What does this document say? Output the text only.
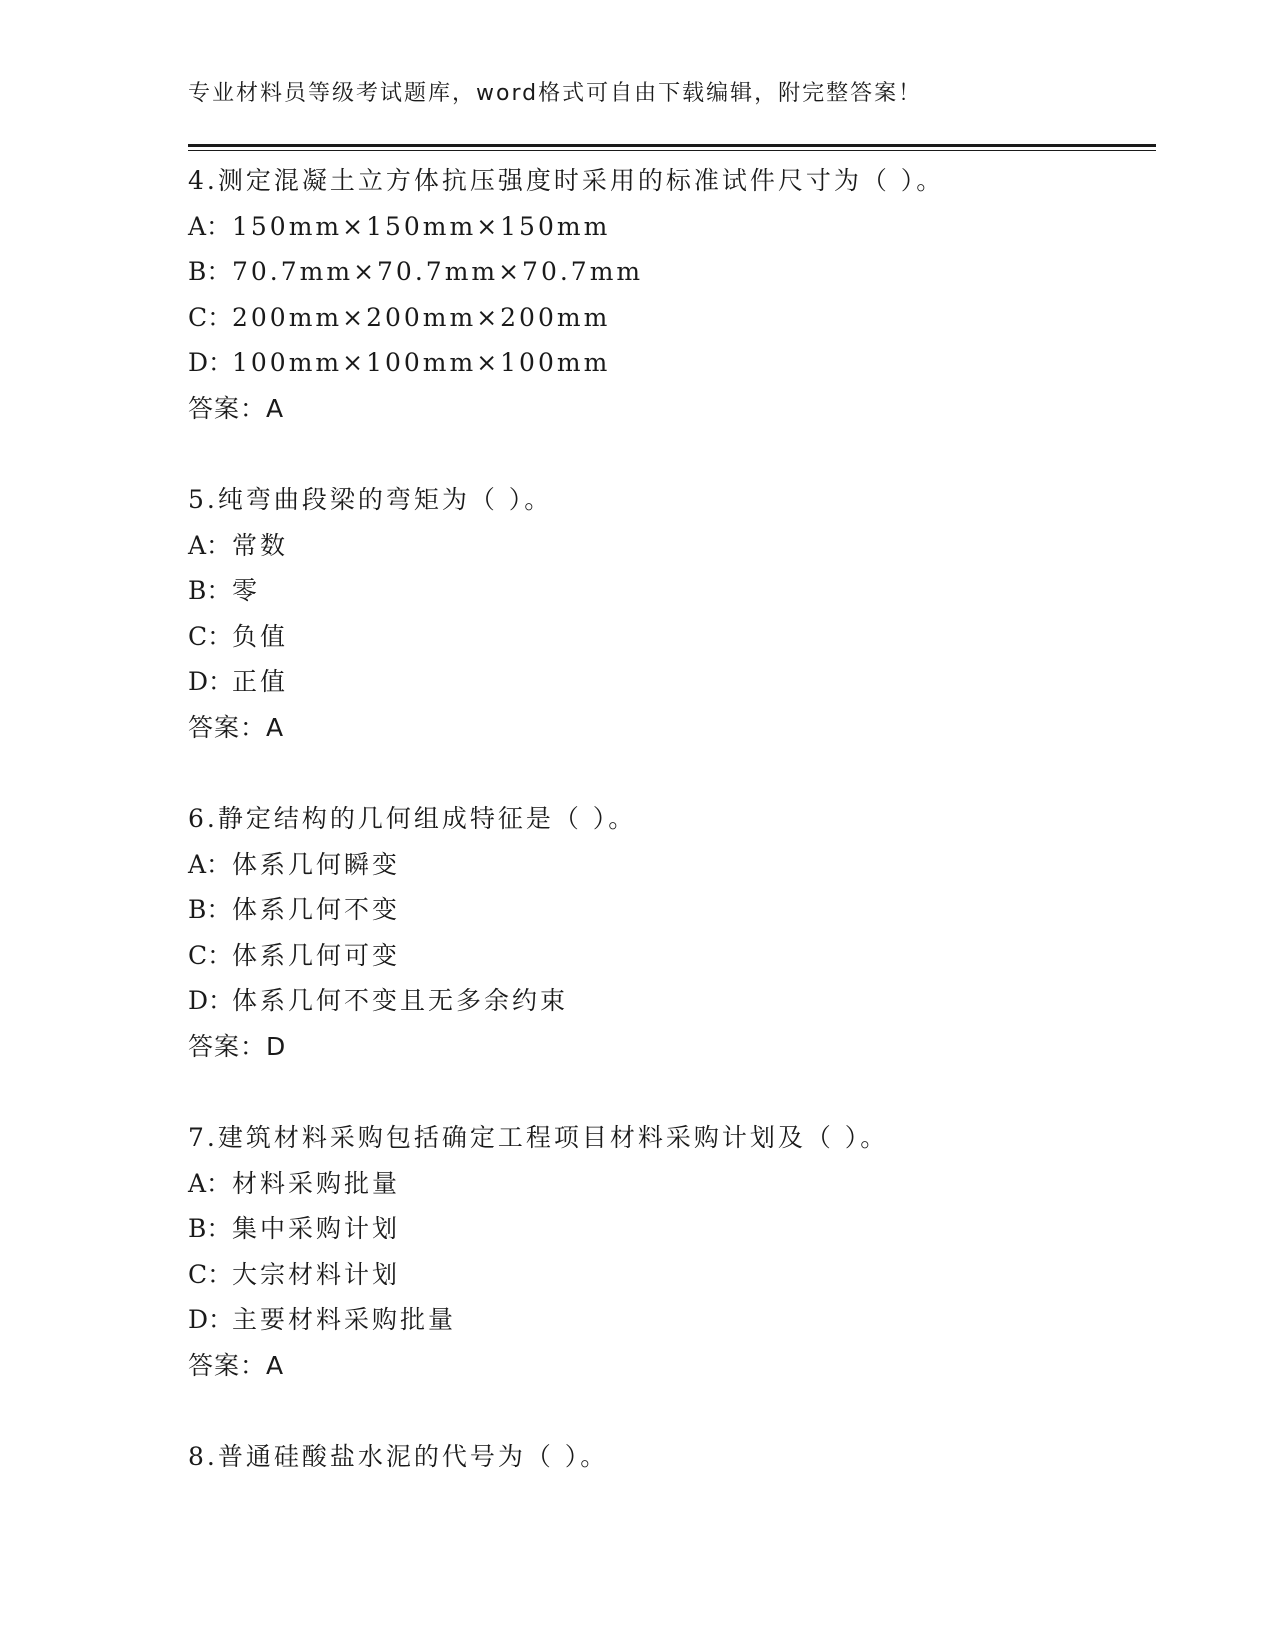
专业材料员等级考试题库，word格式可自由下载编辑，附完整答案！
4.测定混凝土立方体抗压强度时采用的标准试件尺寸为（ ）。
A：150mm×150mm×150mm
B：70.7mm×70.7mm×70.7mm
C：200mm×200mm×200mm
D：100mm×100mm×100mm
答案：A
5.纯弯曲段梁的弯矩为（ ）。
A：常数
B：零
C：负值
D：正值
答案：A
6.静定结构的几何组成特征是（ ）。
A：体系几何瞬变
B：体系几何不变
C：体系几何可变
D：体系几何不变且无多余约束
答案：D
7.建筑材料采购包括确定工程项目材料采购计划及（ ）。
A：材料采购批量
B：集中采购计划
C：大宗材料计划
D：主要材料采购批量
答案：A
8.普通硅酸盐水泥的代号为（ ）。
